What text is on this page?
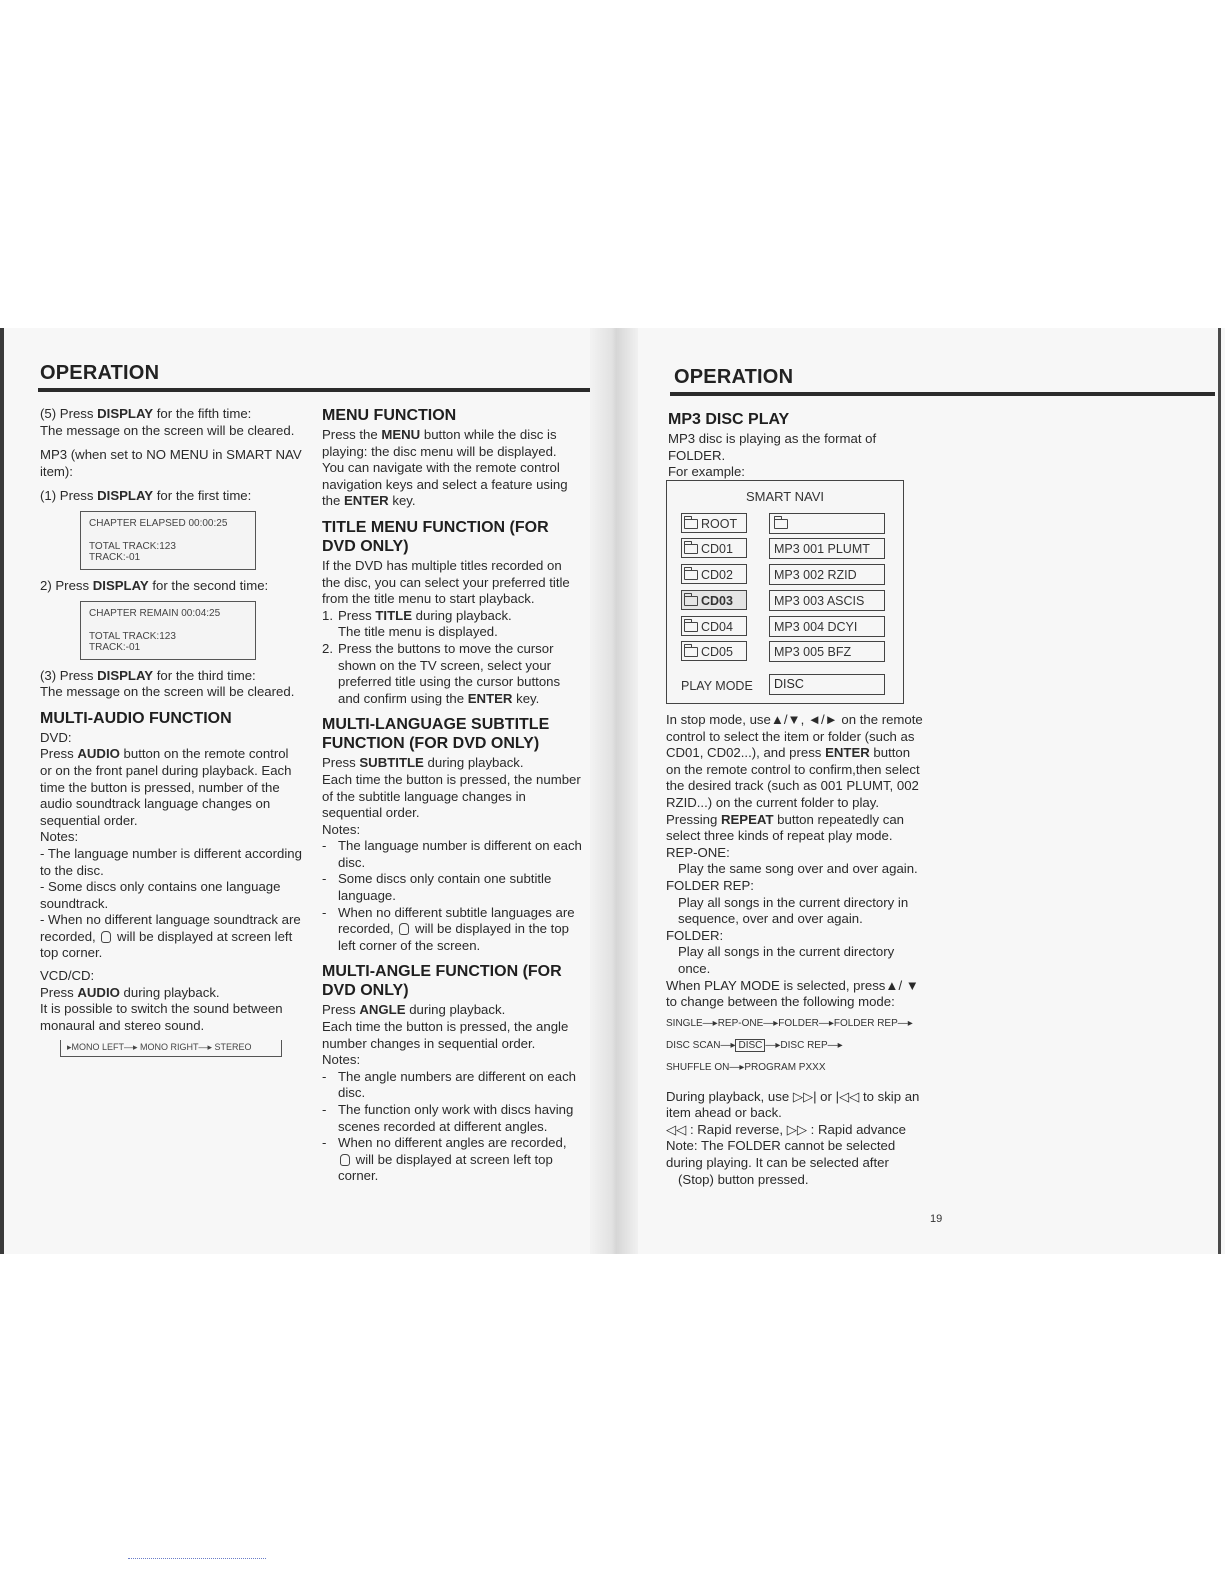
OPERATION

(5) Press DISPLAY for the fifth time:
The message on the screen will be cleared.

MP3 (when set to NO MENU in SMART NAV item):

(1) Press DISPLAY for the first time:

CHAPTER ELAPSED 00:00:25
TOTAL TRACK:123
TRACK:-01

2) Press DISPLAY for the second time:

CHAPTER REMAIN 00:04:25
TOTAL TRACK:123
TRACK:-01

(3) Press DISPLAY for the third time:
The message on the screen will be cleared.

MULTI-AUDIO FUNCTION

DVD:

Press AUDIO button on the remote control or on the front panel during playback. Each time the button is pressed, number of the audio soundtrack language changes on sequential order.

Notes:

- The language number is different according to the disc.

- Some discs only contains one language soundtrack.

- When no different language soundtrack are recorded,  will be displayed at screen left top corner.

VCD/CD:

Press AUDIO during playback.
It is possible to switch the sound between monaural and stereo sound.

▸MONO LEFT—▸ MONO RIGHT—▸ STEREO
MENU FUNCTION

Press the MENU button while the disc is playing: the disc menu will be displayed. You can navigate with the remote control navigation keys and select a feature using the ENTER key.

TITLE MENU FUNCTION (FOR DVD ONLY)

If the DVD has multiple titles recorded on the disc, you can select your preferred title from the title menu to start playback.

1. Press TITLE during playback.
The title menu is displayed.
2. Press the buttons to move the cursor shown on the TV screen, select your preferred title using the cursor buttons and confirm using the ENTER key.
MULTI-LANGUAGE SUBTITLE FUNCTION (FOR DVD ONLY)

Press SUBTITLE during playback.
Each time the button is pressed, the number of the subtitle language changes in sequential order.

Notes:

- The language number is different on each disc.
- Some discs only contain one subtitle language.
- When no different subtitle languages are recorded,  will be displayed in the top left corner of the screen.
MULTI-ANGLE FUNCTION (FOR DVD ONLY)

Press ANGLE during playback.
Each time the button is pressed, the angle number changes in sequential order.

Notes:

- The angle numbers are different on each disc.
- The function only work with discs having scenes recorded at different angles.
- When no different angles are recorded,
will be displayed at screen left top corner.
OPERATION
MP3 DISC PLAY

MP3 disc is playing as the format of FOLDER.

For example:

SMART NAVI
ROOT
CD01
CD02
CD03
CD04
CD05
MP3 001 PLUMT
MP3 002 RZID
MP3 003 ASCIS
MP3 004 DCYI
MP3 005 BFZ
PLAY MODE	DISC

In stop mode, use▲/▼, ◄/► on the remote control to select the item or folder (such as CD01, CD02...), and press ENTER button on the remote control to confirm,then select the desired track (such as 001 PLUMT, 002 RZID...) on the current folder to play.

Pressing REPEAT button repeatedly can select three kinds of repeat play mode.

REP-ONE:

Play the same song over and over again.

FOLDER REP:

Play all songs in the current directory in sequence, over and over again.

FOLDER:

Play all songs in the current directory once.

When PLAY MODE is selected, press▲/ ▼ to change between the following mode:

SINGLE—▸REP-ONE—▸FOLDER—▸FOLDER REP—▸
DISC SCAN—▸ DISC —▸DISC REP—▸
SHUFFLE ON—▸PROGRAM PXXX

During playback, use ▷▷| or |◁◁ to skip an item ahead or back.

◁◁ : Rapid reverse, ▷▷ : Rapid advance

Note: The FOLDER cannot be selected during playing. It can be selected after

(Stop) button pressed.

19
